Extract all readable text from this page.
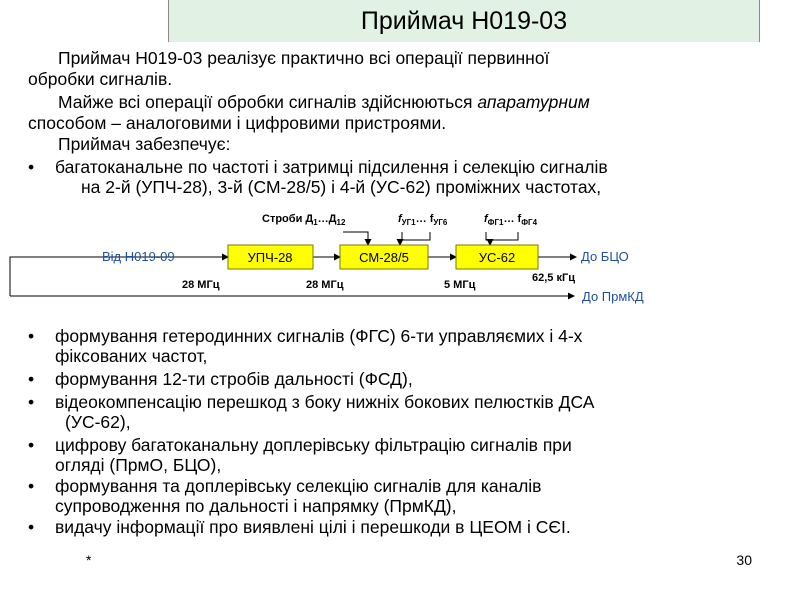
Приймач Н019-03
Приймач Н019-03 реалізує практично всі операції первинної
обробки сигналів.
Майже всі операції обробки сигналів здійснюються апаратурним
способом – аналоговими і цифровими пристроями.
Приймач забезпечує:
•	багатоканальне по частоті і затримці підсилення і селекцію сигналів
на 2-й (УПЧ-28), 3-й (СМ-28/5) і 4-й (УС-62) проміжних частотах,
УПЧ-28	СМ-28/5	УС-62
Від Н019-09	До БЦО
До ПрмКД
Строби $Д_1\dots Д_{12}$	$f_{УГ1}\dots$ $f_{УГ6}$	$f_{ФГ1}\dots$ $f_{ФГ4}$
28 МГц	28 МГц	5 МГц
62,5 кГц
•	формування гетеродинних сигналів (ФГС) 6-ти управляємих і 4-х
фіксованих частот,
•	формування 12-ти стробів дальності (ФСД),
•	відеокомпенсацію перешкод з боку нижніх бокових пелюстків ДСА
(УС-62),
•	цифрову багатоканальну доплерівську фільтрацію сигналів при
огляді (ПрмО, БЦО),
•	формування та доплерівську селекцію сигналів для каналів
супроводження по дальності і напрямку (ПрмКД),
•	видачу інформації про виявлені цілі і перешкоди в ЦЕОМ і СЄІ.
*	30
